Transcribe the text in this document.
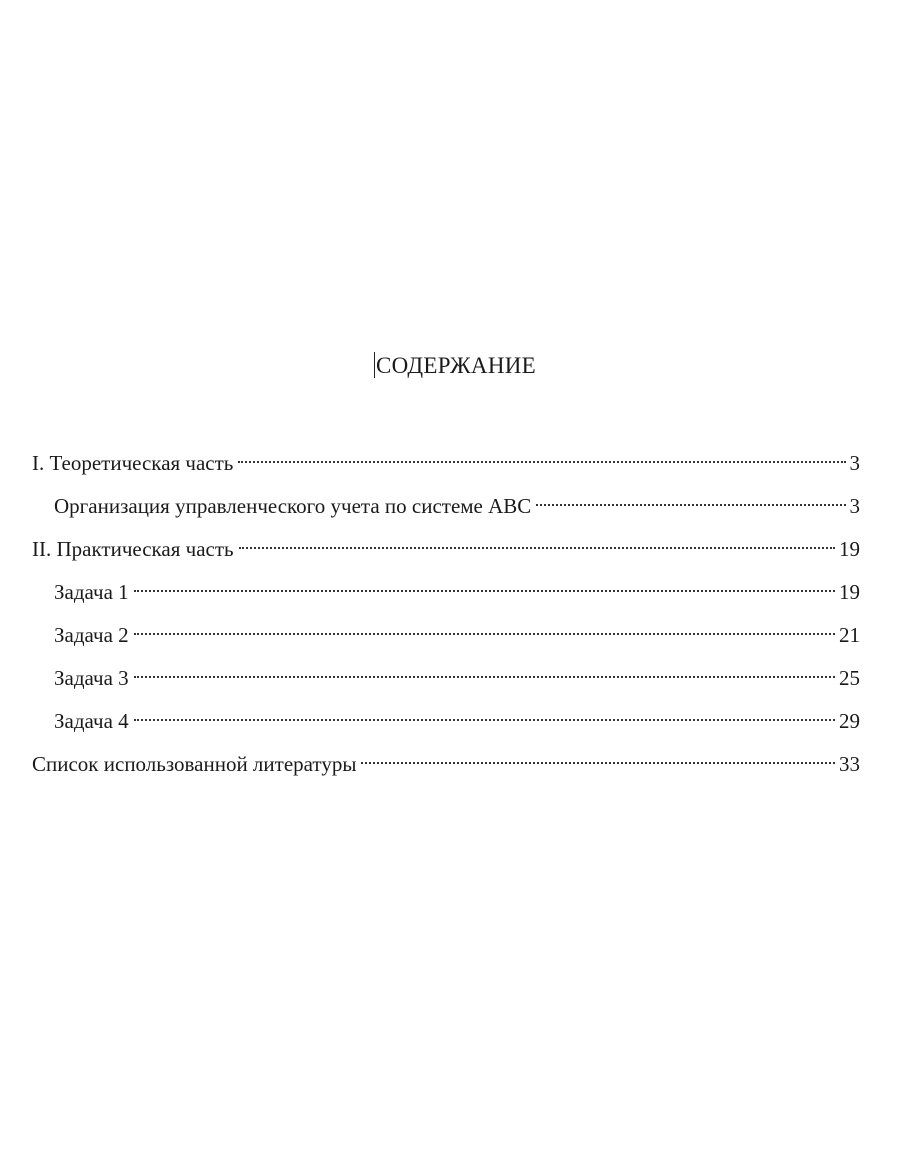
СОДЕРЖАНИЕ
I. Теоретическая часть	3
Организация управленческого учета по системе ABC	3
II. Практическая часть	19
Задача 1	19
Задача 2	21
Задача 3	25
Задача 4	29
Список использованной литературы	33
